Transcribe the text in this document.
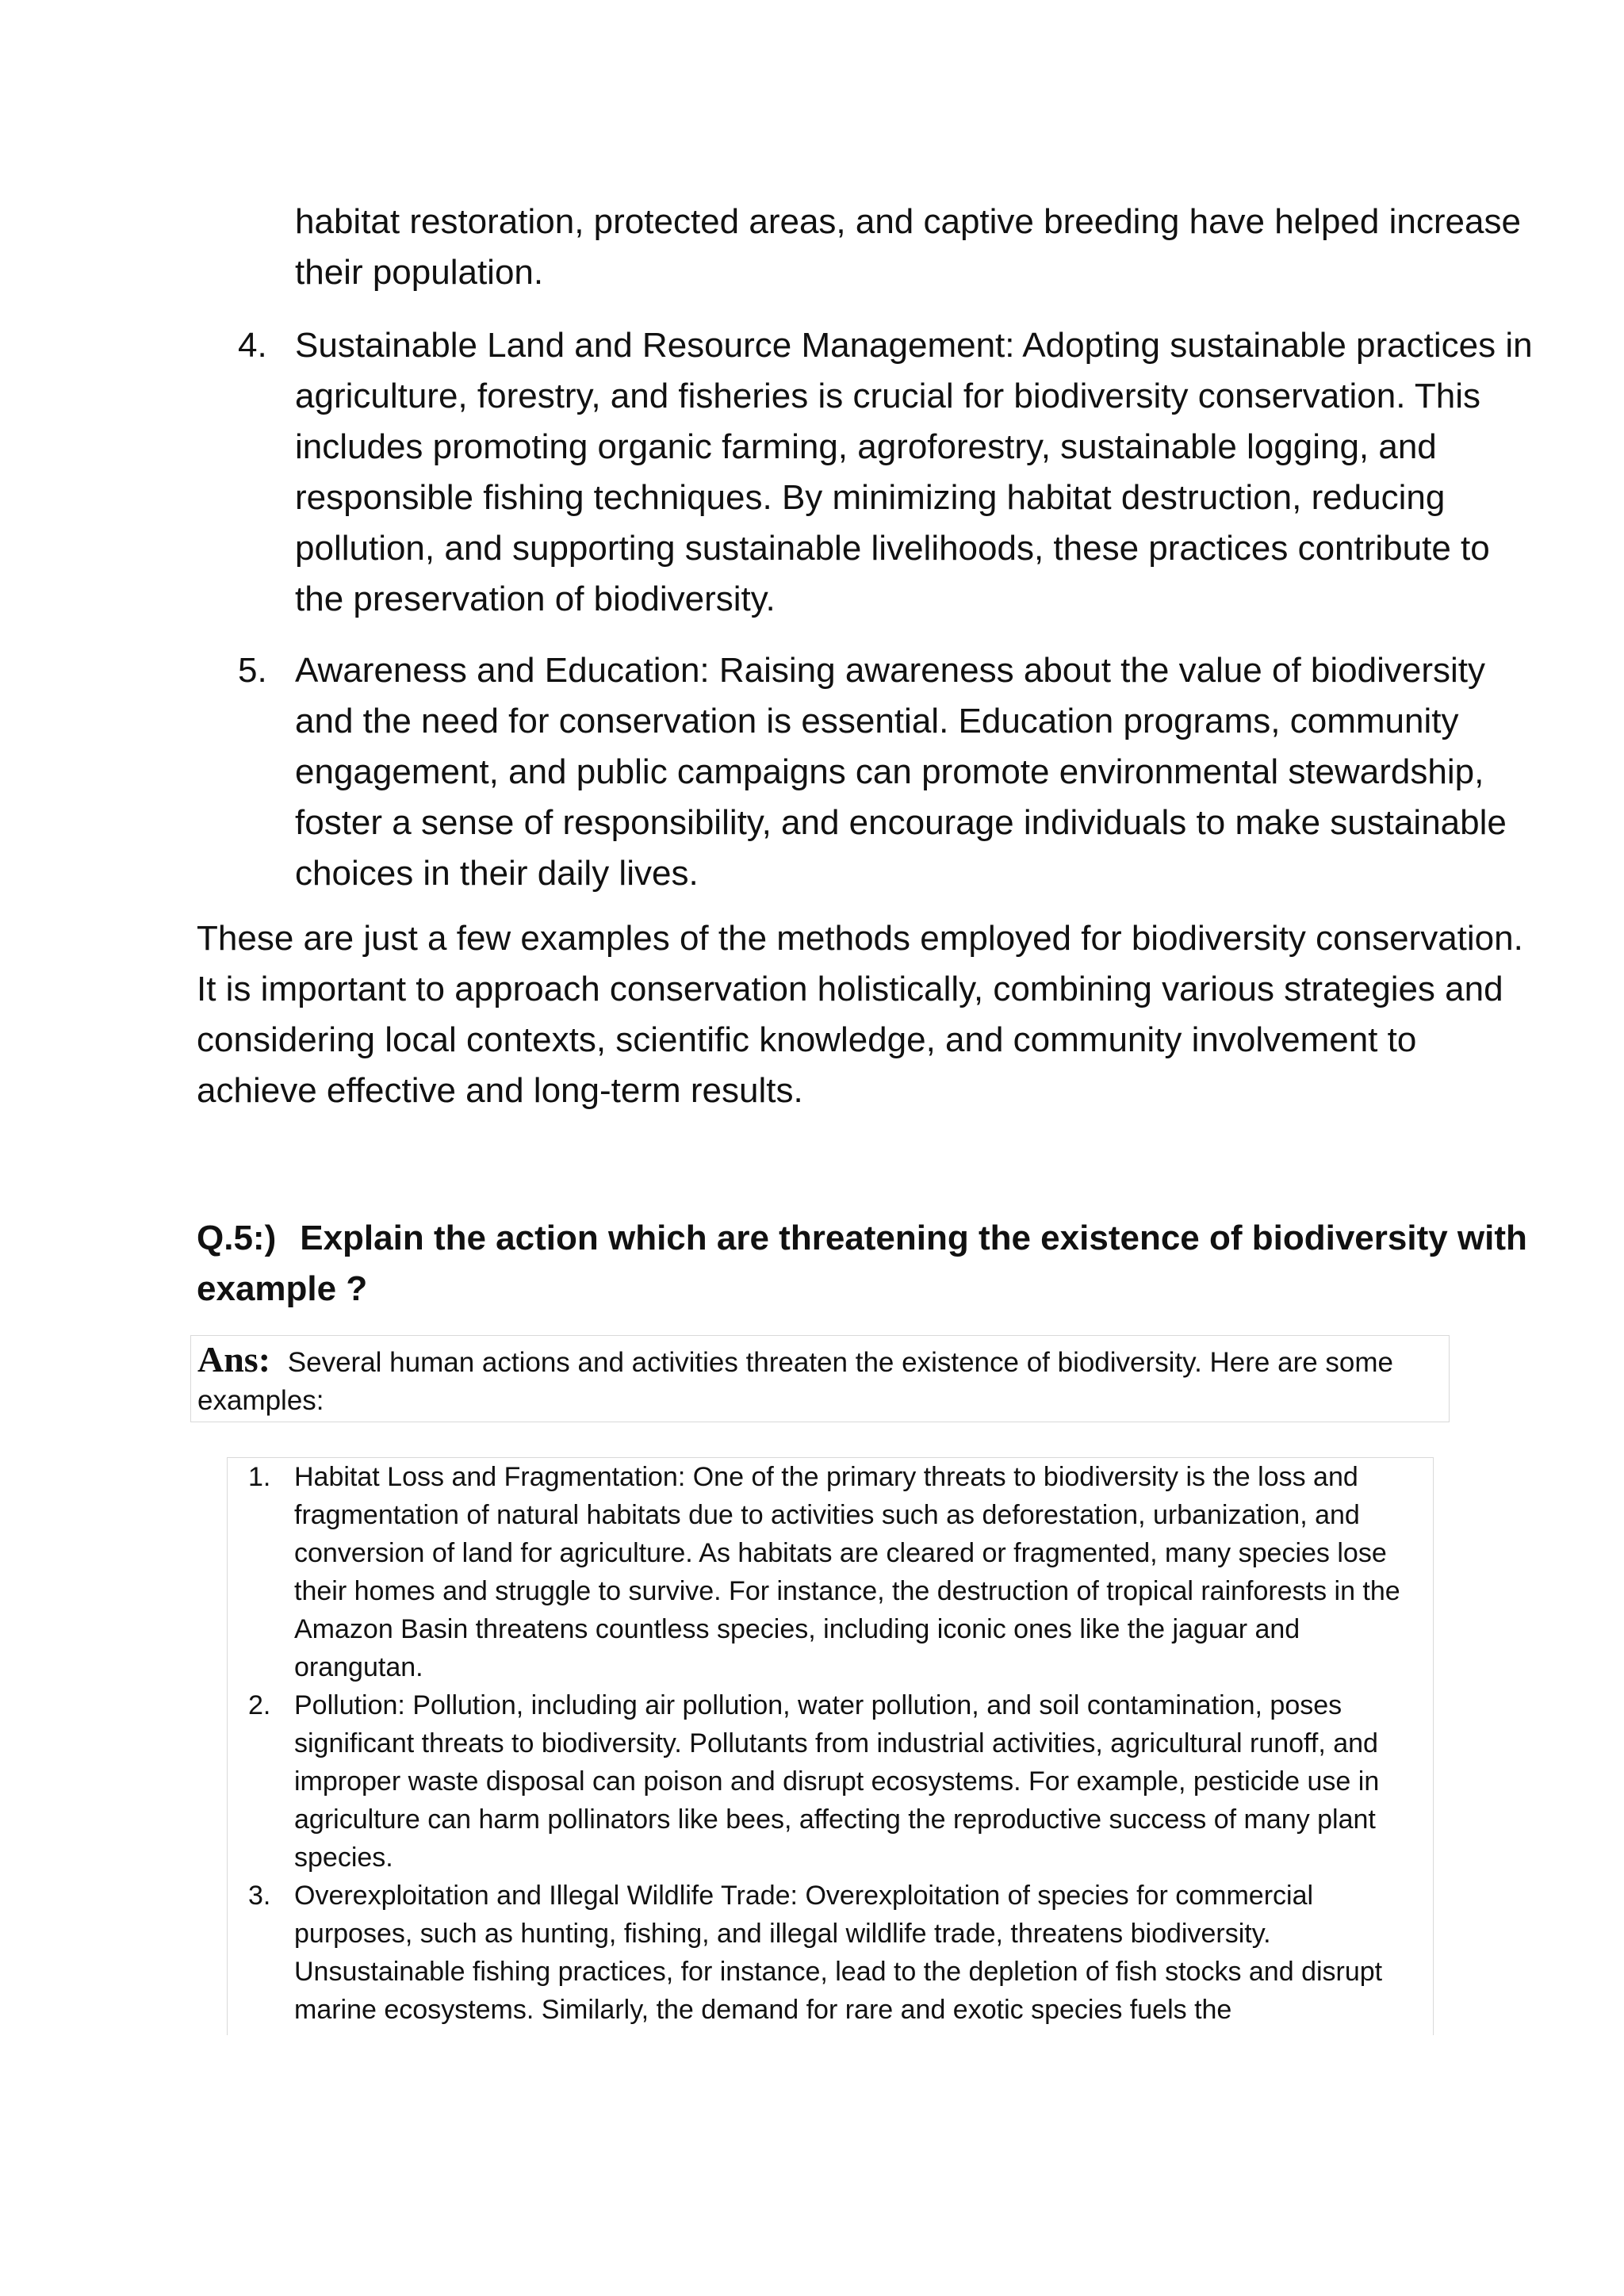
habitat restoration, protected areas, and captive breeding have helped increase their population.

4. Sustainable Land and Resource Management: Adopting sustainable practices in agriculture, forestry, and fisheries is crucial for biodiversity conservation. This includes promoting organic farming, agroforestry, sustainable logging, and responsible fishing techniques. By minimizing habitat destruction, reducing pollution, and supporting sustainable livelihoods, these practices contribute to the preservation of biodiversity.
5. Awareness and Education: Raising awareness about the value of biodiversity and the need for conservation is essential. Education programs, community engagement, and public campaigns can promote environmental stewardship, foster a sense of responsibility, and encourage individuals to make sustainable choices in their daily lives.

These are just a few examples of the methods employed for biodiversity conservation. It is important to approach conservation holistically, combining various strategies and considering local contexts, scientific knowledge, and community involvement to achieve effective and long-term results.

Q.5:) Explain the action which are threatening the existence of biodiversity with example ?
Ans: Several human actions and activities threaten the existence of biodiversity. Here are some examples:
1. Habitat Loss and Fragmentation: One of the primary threats to biodiversity is the loss and fragmentation of natural habitats due to activities such as deforestation, urbanization, and conversion of land for agriculture. As habitats are cleared or fragmented, many species lose their homes and struggle to survive. For instance, the destruction of tropical rainforests in the Amazon Basin threatens countless species, including iconic ones like the jaguar and orangutan.
2. Pollution: Pollution, including air pollution, water pollution, and soil contamination, poses significant threats to biodiversity. Pollutants from industrial activities, agricultural runoff, and improper waste disposal can poison and disrupt ecosystems. For example, pesticide use in agriculture can harm pollinators like bees, affecting the reproductive success of many plant species.
3. Overexploitation and Illegal Wildlife Trade: Overexploitation of species for commercial purposes, such as hunting, fishing, and illegal wildlife trade, threatens biodiversity. Unsustainable fishing practices, for instance, lead to the depletion of fish stocks and disrupt marine ecosystems. Similarly, the demand for rare and exotic species fuels the
